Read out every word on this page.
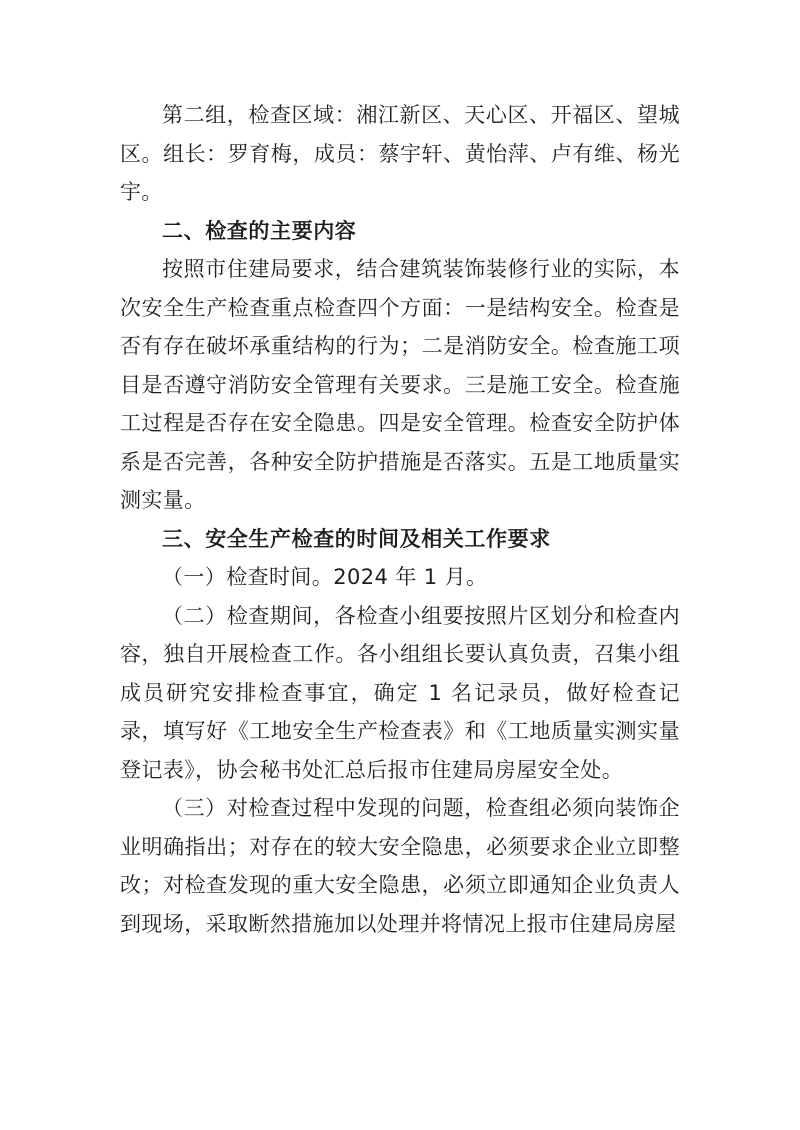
第二组，检查区域：湘江新区、天心区、开福区、望城区。组长：罗育梅，成员：蔡宇轩、黄怡萍、卢有维、杨光宇。

二、检查的主要内容

按照市住建局要求，结合建筑装饰装修行业的实际，本次安全生产检查重点检查四个方面：一是结构安全。检查是否有存在破坏承重结构的行为；二是消防安全。检查施工项目是否遵守消防安全管理有关要求。三是施工安全。检查施工过程是否存在安全隐患。四是安全管理。检查安全防护体系是否完善，各种安全防护措施是否落实。五是工地质量实测实量。

三、安全生产检查的时间及相关工作要求

（一）检查时间。2024 年 1 月。

（二）检查期间，各检查小组要按照片区划分和检查内容，独自开展检查工作。各小组组长要认真负责，召集小组成员研究安排检查事宜，确定 1 名记录员，做好检查记录，填写好《工地安全生产检查表》和《工地质量实测实量登记表》，协会秘书处汇总后报市住建局房屋安全处。

（三）对检查过程中发现的问题，检查组必须向装饰企业明确指出；对存在的较大安全隐患，必须要求企业立即整改；对检查发现的重大安全隐患，必须立即通知企业负责人到现场，采取断然措施加以处理并将情况上报市住建局房屋
